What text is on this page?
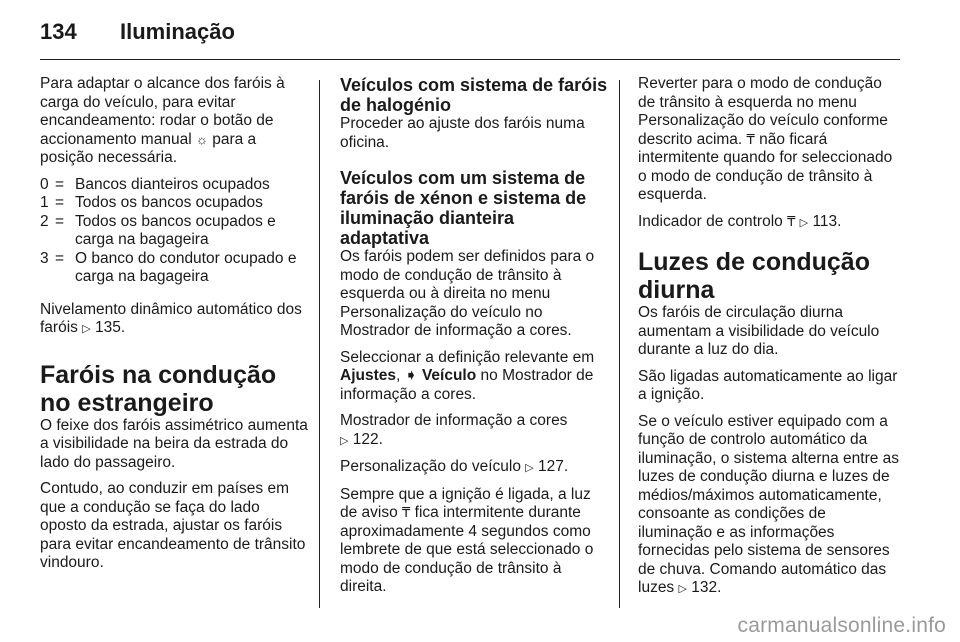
134 Iluminação

Para adaptar o alcance dos faróis à carga do veículo, para evitar encandeamento: rodar o botão de accionamento manual ☼ para a posição necessária.

0 = Bancos dianteiros ocupados
1 = Todos os bancos ocupados
2 = Todos os bancos ocupados e carga na bagageira
3 = O banco do condutor ocupado e carga na bagageira

Nivelamento dinâmico automático dos faróis ▷ 135.

Faróis na condução no estrangeiro

O feixe dos faróis assimétrico aumenta a visibilidade na beira da estrada do lado do passageiro.

Contudo, ao conduzir em países em que a condução se faça do lado oposto da estrada, ajustar os faróis para evitar encandeamento de trânsito vindouro.

Veículos com sistema de faróis de halogénio

Proceder ao ajuste dos faróis numa oficina.

Veículos com um sistema de faróis de xénon e sistema de iluminação dianteira adaptativa

Os faróis podem ser definidos para o modo de condução de trânsito à esquerda ou à direita no menu Personalização do veículo no Mostrador de informação a cores.

Seleccionar a definição relevante em Ajustes, ➧ Veículo no Mostrador de informação a cores.

Mostrador de informação a cores
▷ 122.

Personalização do veículo ▷ 127.

Sempre que a ignição é ligada, a luz de aviso ₸ fica intermitente durante aproximadamente 4 segundos como lembrete de que está seleccionado o modo de condução de trânsito à direita.

Reverter para o modo de condução de trânsito à esquerda no menu Personalização do veículo conforme descrito acima. ₸ não ficará intermitente quando for seleccionado o modo de condução de trânsito à esquerda.

Indicador de controlo ₸ ▷ 113.

Luzes de condução diurna

Os faróis de circulação diurna aumentam a visibilidade do veículo durante a luz do dia.

São ligadas automaticamente ao ligar a ignição.

Se o veículo estiver equipado com a função de controlo automático da iluminação, o sistema alterna entre as luzes de condução diurna e luzes de médios/máximos automaticamente, consoante as condições de iluminação e as informações fornecidas pelo sistema de sensores de chuva. Comando automático das luzes ▷ 132.

carmanualsonline.info
